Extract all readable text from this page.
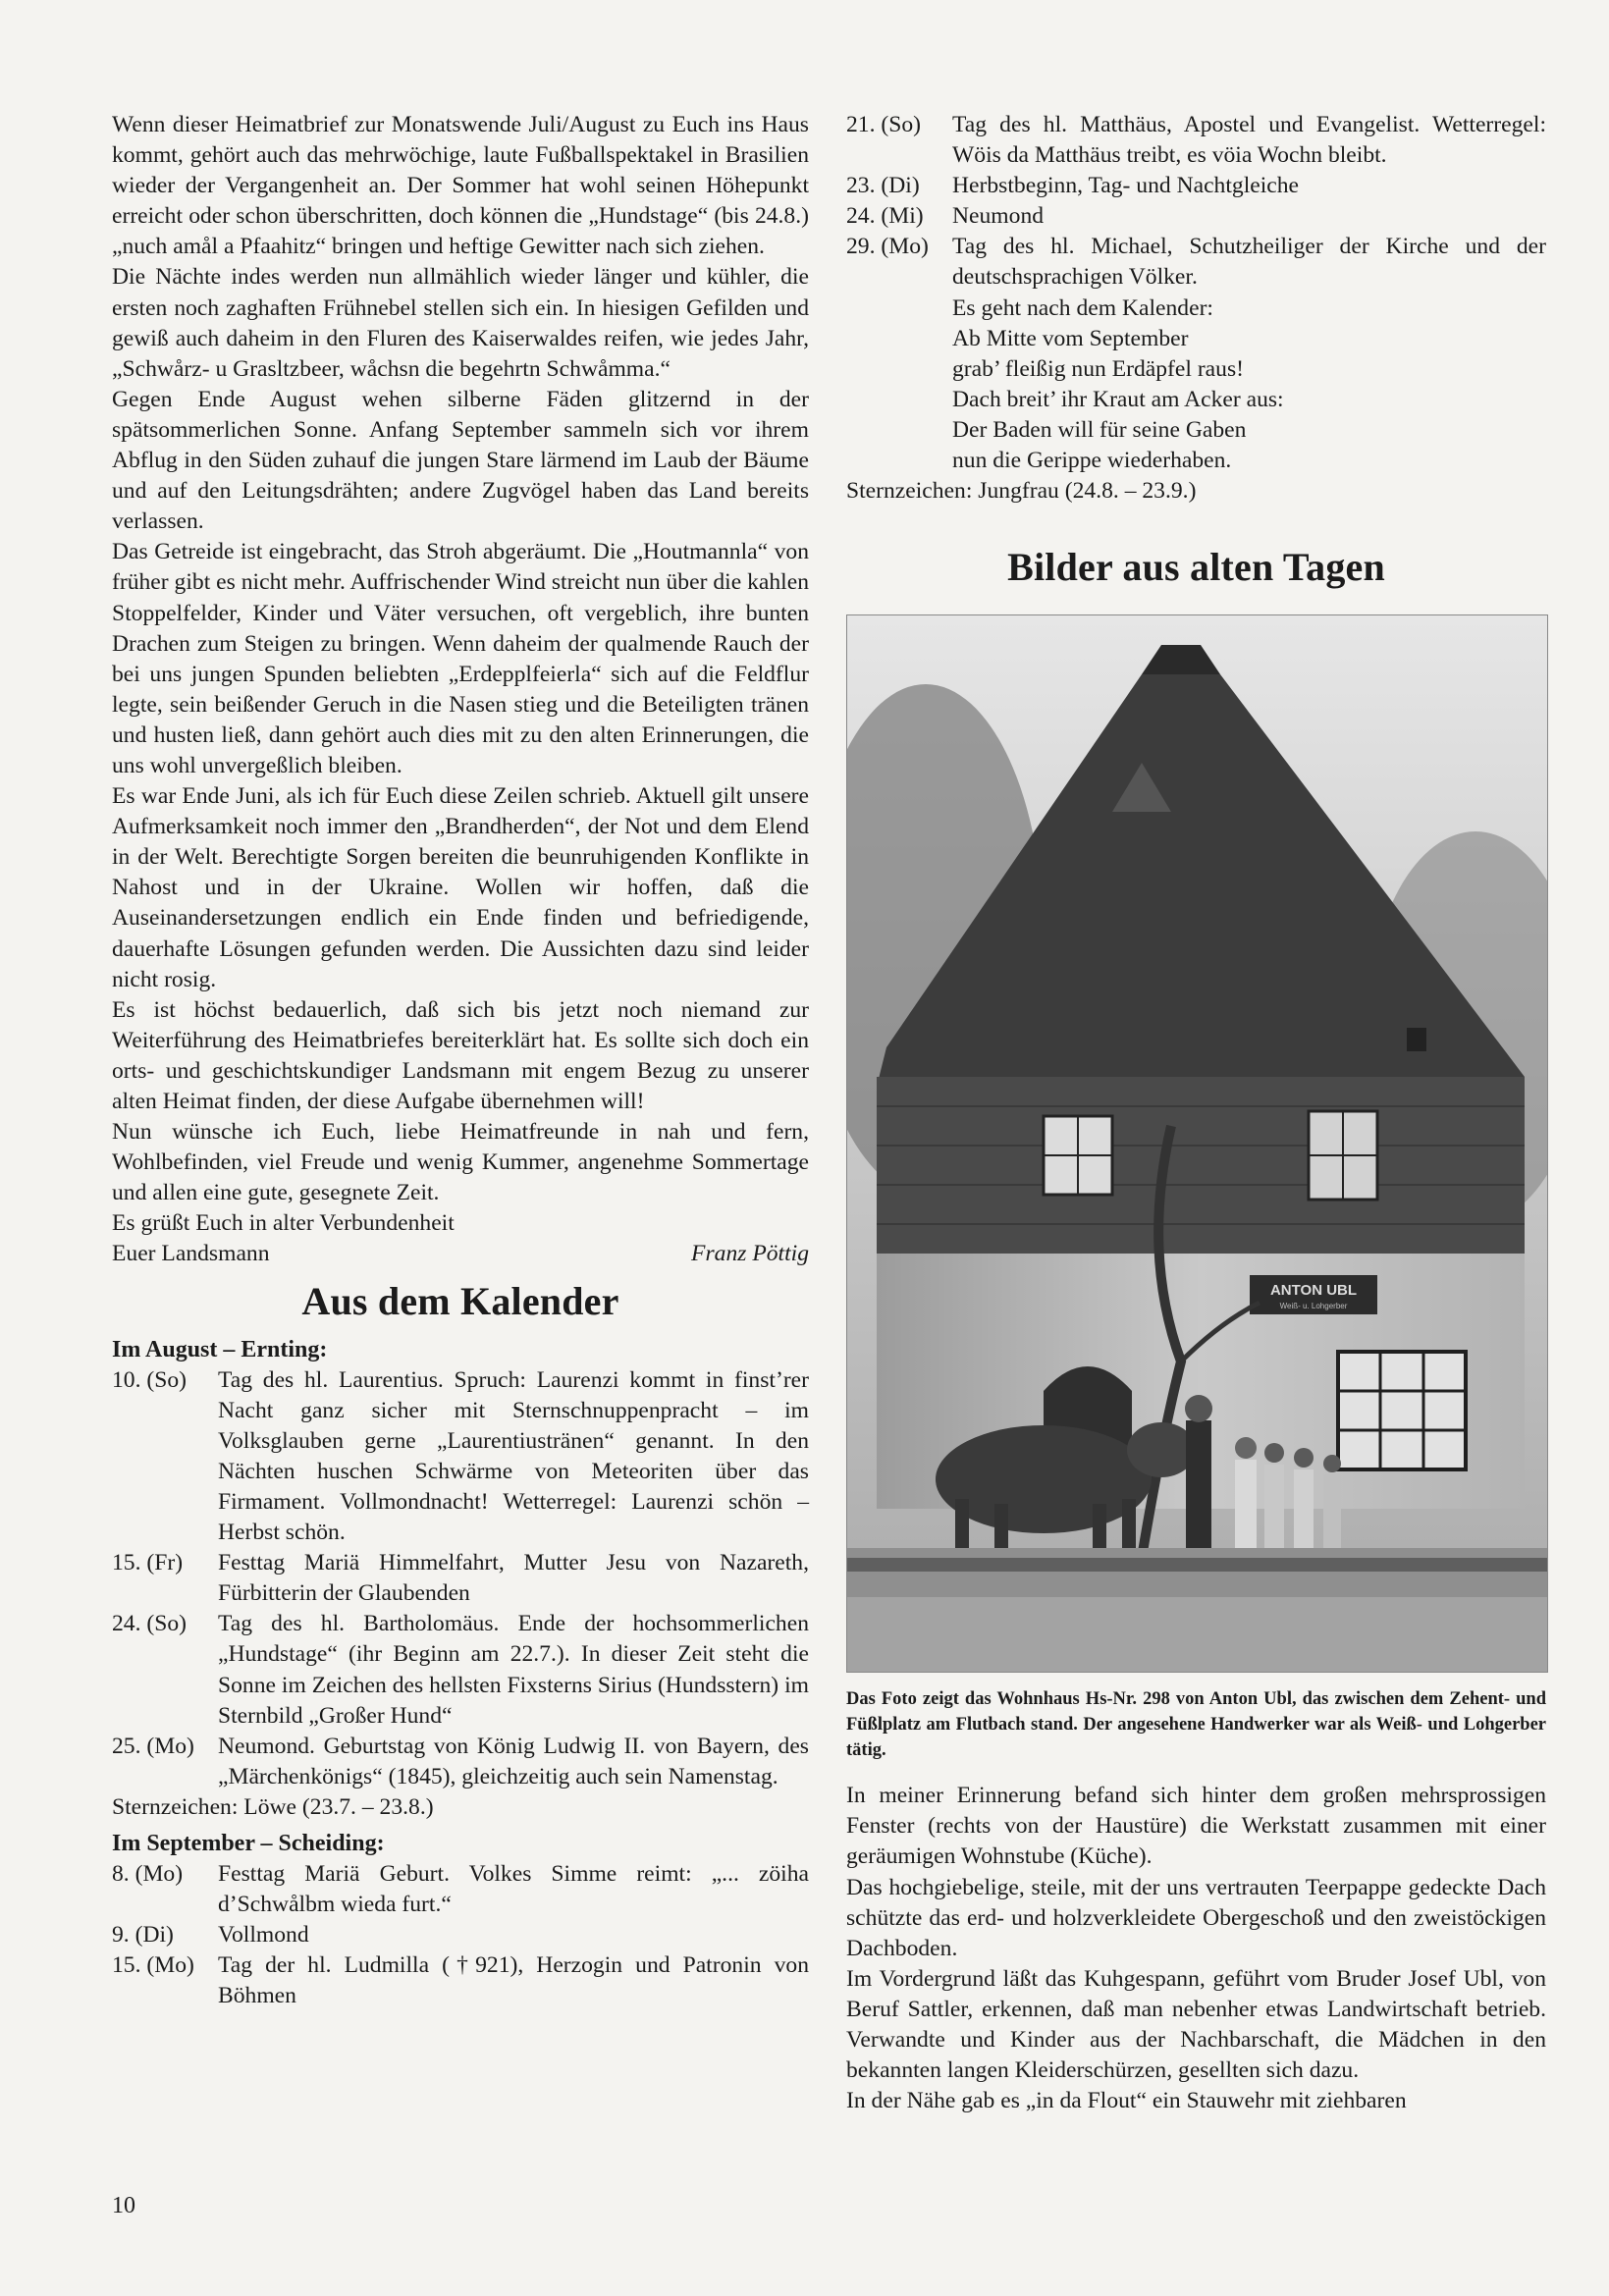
Wenn dieser Heimatbrief zur Monatswende Juli/August zu Euch ins Haus kommt, gehört auch das mehrwöchige, laute Fußballspektakel in Brasilien wieder der Vergangenheit an. Der Sommer hat wohl seinen Höhepunkt erreicht oder schon überschritten, doch können die „Hundstage“ (bis 24.8.) „nuch amål a Pfaahitz“ bringen und heftige Gewitter nach sich ziehen.

Die Nächte indes werden nun allmählich wieder länger und kühler, die ersten noch zaghaften Frühnebel stellen sich ein. In hiesigen Gefilden und gewiß auch daheim in den Fluren des Kaiserwaldes reifen, wie jedes Jahr, „Schwårz- u Grasltzbeer, wåchsn die begehrtn Schwåmma.“

Gegen Ende August wehen silberne Fäden glitzernd in der spätsommerlichen Sonne. Anfang September sammeln sich vor ihrem Abflug in den Süden zuhauf die jungen Stare lärmend im Laub der Bäume und auf den Leitungsdrähten; andere Zugvögel haben das Land bereits verlassen.

Das Getreide ist eingebracht, das Stroh abgeräumt. Die „Houtmannla“ von früher gibt es nicht mehr. Auffrischender Wind streicht nun über die kahlen Stoppelfelder, Kinder und Väter versuchen, oft vergeblich, ihre bunten Drachen zum Steigen zu bringen. Wenn daheim der qualmende Rauch der bei uns jungen Spunden beliebten „Erdepplfeierla“ sich auf die Feldflur legte, sein beißender Geruch in die Nasen stieg und die Beteiligten tränen und husten ließ, dann gehört auch dies mit zu den alten Erinnerungen, die uns wohl unvergeßlich bleiben.

Es war Ende Juni, als ich für Euch diese Zeilen schrieb. Aktuell gilt unsere Aufmerksamkeit noch immer den „Brandherden“, der Not und dem Elend in der Welt. Berechtigte Sorgen bereiten die beunruhigenden Konflikte in Nahost und in der Ukraine. Wollen wir hoffen, daß die Auseinandersetzungen endlich ein Ende finden und befriedigende, dauerhafte Lösungen gefunden werden. Die Aussichten dazu sind leider nicht rosig.

Es ist höchst bedauerlich, daß sich bis jetzt noch niemand zur Weiterführung des Heimatbriefes bereiterklärt hat. Es sollte sich doch ein orts- und geschichtskundiger Landsmann mit engem Bezug zu unserer alten Heimat finden, der diese Aufgabe übernehmen will!

Nun wünsche ich Euch, liebe Heimatfreunde in nah und fern, Wohlbefinden, viel Freude und wenig Kummer, angenehme Sommertage und allen eine gute, gesegnete Zeit.

Es grüßt Euch in alter Verbundenheit

Euer Landsmann	Franz Pöttig
Aus dem Kalender
Im August – Ernting:
10. (So)	Tag des hl. Laurentius. Spruch: Laurenzi kommt in finst’rer Nacht ganz sicher mit Sternschnuppenpracht – im Volksglauben gerne „Laurentiustränen“ genannt. In den Nächten huschen Schwärme von Meteoriten über das Firmament. Vollmondnacht! Wetterregel: Laurenzi schön – Herbst schön.
15. (Fr)	Festtag Mariä Himmelfahrt, Mutter Jesu von Nazareth, Fürbitterin der Glaubenden
24. (So)	Tag des hl. Bartholomäus. Ende der hochsommerlichen „Hundstage“ (ihr Beginn am 22.7.). In dieser Zeit steht die Sonne im Zeichen des hellsten Fixsterns Sirius (Hundsstern) im Sternbild „Großer Hund“
25. (Mo)	Neumond. Geburtstag von König Ludwig II. von Bayern, des „Märchenkönigs“ (1845), gleichzeitig auch sein Namenstag.

Sternzeichen: Löwe (23.7. – 23.8.)

Im September – Scheiding:
8. (Mo)	Festtag Mariä Geburt. Volkes Simme reimt: „... zöiha d’Schwålbm wieda furt.“
9. (Di)	Vollmond
15. (Mo)	Tag der hl. Ludmilla (†921), Herzogin und Patronin von Böhmen
21. (So)	Tag des hl. Matthäus, Apostel und Evangelist. Wetterregel: Wöis da Matthäus treibt, es vöia Wochn bleibt.
23. (Di)	Herbstbeginn, Tag- und Nachtgleiche
24. (Mi)	Neumond
29. (Mo)	Tag des hl. Michael, Schutzheiliger der Kirche und der deutschsprachigen Völker.
Es geht nach dem Kalender:
Ab Mitte vom September
grab’ fleißig nun Erdäpfel raus!
Dach breit’ ihr Kraut am Acker aus:
Der Baden will für seine Gaben
nun die Gerippe wiederhaben.

Sternzeichen: Jungfrau (24.8. – 23.9.)

Bilder aus alten Tagen
ANTON UBL
Weiß- u. Lohgerber
Das Foto zeigt das Wohnhaus Hs-Nr. 298 von Anton Ubl, das zwischen dem Zehent- und Füßlplatz am Flutbach stand. Der angesehene Handwerker war als Weiß- und Lohgerber tätig.

In meiner Erinnerung befand sich hinter dem großen mehrsprossigen Fenster (rechts von der Haustüre) die Werkstatt zusammen mit einer geräumigen Wohnstube (Küche).

Das hochgiebelige, steile, mit der uns vertrauten Teerpappe gedeckte Dach schützte das erd- und holzverkleidete Obergeschoß und den zweistöckigen Dachboden.

Im Vordergrund läßt das Kuhgespann, geführt vom Bruder Josef Ubl, von Beruf Sattler, erkennen, daß man nebenher etwas Landwirtschaft betrieb. Verwandte und Kinder aus der Nachbarschaft, die Mädchen in den bekannten langen Kleiderschürzen, gesellten sich dazu.

In der Nähe gab es „in da Flout“ ein Stauwehr mit ziehbaren

10
